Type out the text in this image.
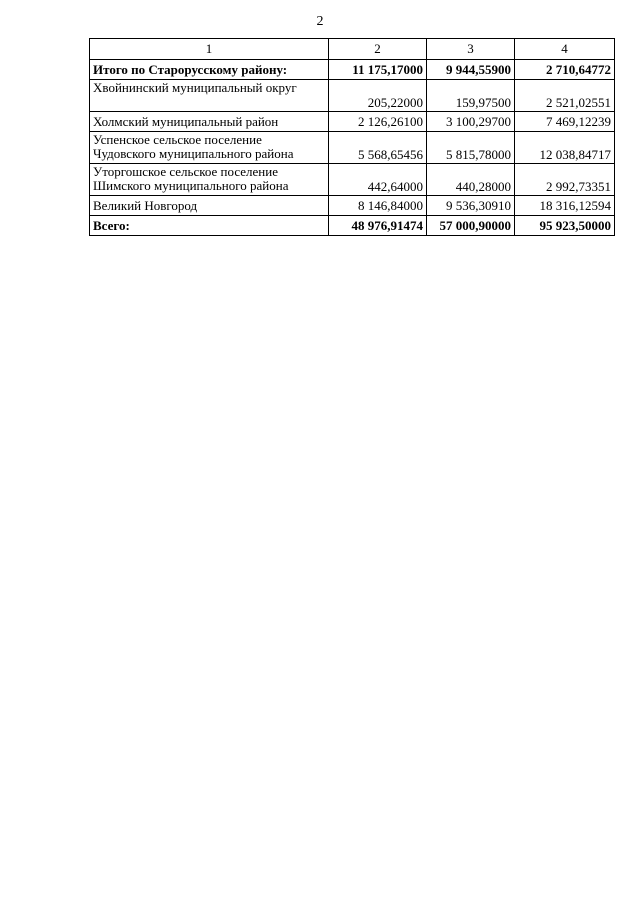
2
1	2	3	4
Итого по Старорусскому району:	11 175,17000	9 944,55900	2 710,64772
Хвойнинский муниципальный округ	205,22000	159,97500	2 521,02551
Холмский муниципальный район	2 126,26100	3 100,29700	7 469,12239
Успенское сельское поселение Чудовского муниципального района	5 568,65456	5 815,78000	12 038,84717
Уторгошское сельское поселение Шимского муниципального района	442,64000	440,28000	2 992,73351
Великий Новгород	8 146,84000	9 536,30910	18 316,12594
Всего:	48 976,91474	57 000,90000	95 923,50000
